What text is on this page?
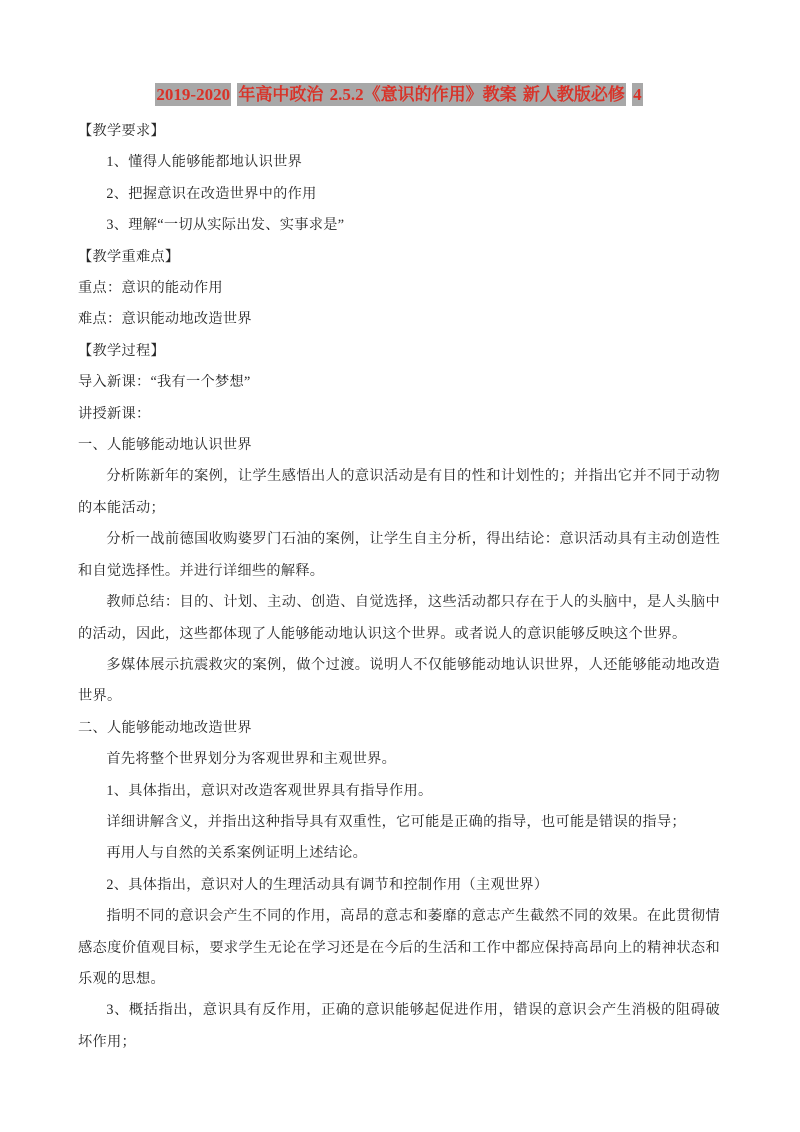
2019-2020 年高中政治 2.5.2《意识的作用》教案 新人教版必修 4

【教学要求】

1、懂得人能够能都地认识世界

2、把握意识在改造世界中的作用

3、理解“一切从实际出发、实事求是”

【教学重难点】

重点：意识的能动作用

难点：意识能动地改造世界

【教学过程】

导入新课：“我有一个梦想”

讲授新课：

一、人能够能动地认识世界

分析陈新年的案例，让学生感悟出人的意识活动是有目的性和计划性的；并指出它并不同于动物的本能活动；

分析一战前德国收购婆罗门石油的案例，让学生自主分析，得出结论：意识活动具有主动创造性和自觉选择性。并进行详细些的解释。

教师总结：目的、计划、主动、创造、自觉选择，这些活动都只存在于人的头脑中，是人头脑中的活动，因此，这些都体现了人能够能动地认识这个世界。或者说人的意识能够反映这个世界。

多媒体展示抗震救灾的案例，做个过渡。说明人不仅能够能动地认识世界，人还能够能动地改造世界。

二、人能够能动地改造世界

首先将整个世界划分为客观世界和主观世界。

1、具体指出，意识对改造客观世界具有指导作用。

详细讲解含义，并指出这种指导具有双重性，它可能是正确的指导，也可能是错误的指导；

再用人与自然的关系案例证明上述结论。

2、具体指出，意识对人的生理活动具有调节和控制作用（主观世界）

指明不同的意识会产生不同的作用，高昂的意志和萎靡的意志产生截然不同的效果。在此贯彻情感态度价值观目标，要求学生无论在学习还是在今后的生活和工作中都应保持高昂向上的精神状态和乐观的思想。

3、概括指出，意识具有反作用，正确的意识能够起促进作用，错误的意识会产生消极的阻碍破坏作用；
